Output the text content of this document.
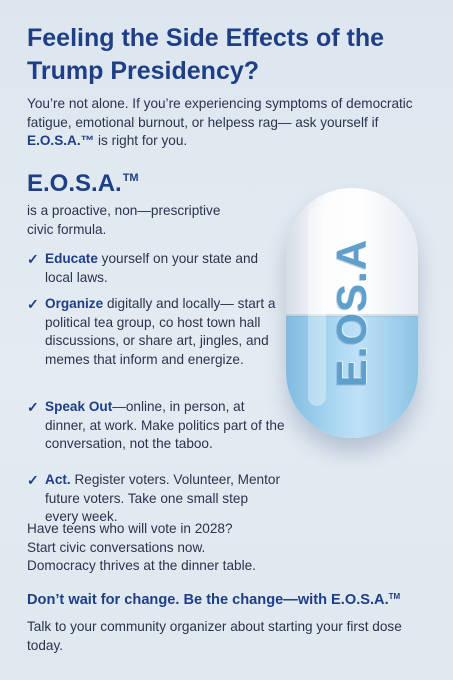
Feeling the Side Effects of the Trump Presidency?
You’re not alone. If you’re experiencing symptoms of democratic fatigue, emotional burnout, or helpess rag— ask yourself if E.O.S.A.™ is right for you.
E.O.S.A.™
is a proactive, non—prescriptive civic formula.
✓ Educate yourself on your state and local laws.
✓ Organize digitally and locally— start a political tea group, co host town hall discussions, or share art, jingles, and memes that inform and energize.
✓ Speak Out—online, in person, at dinner, at work. Make politics part of the conversation, not the taboo.
✓ Act. Register voters. Volunteer, Mentor future voters. Take one small step every week.
Have teens who will vote in 2028?
Start civic conversations now.
Domocracy thrives at the dinner table.
Don’t wait for change. Be the change—with E.O.S.A.™
Talk to your community organizer about starting your first dose today.
E.OS.A
